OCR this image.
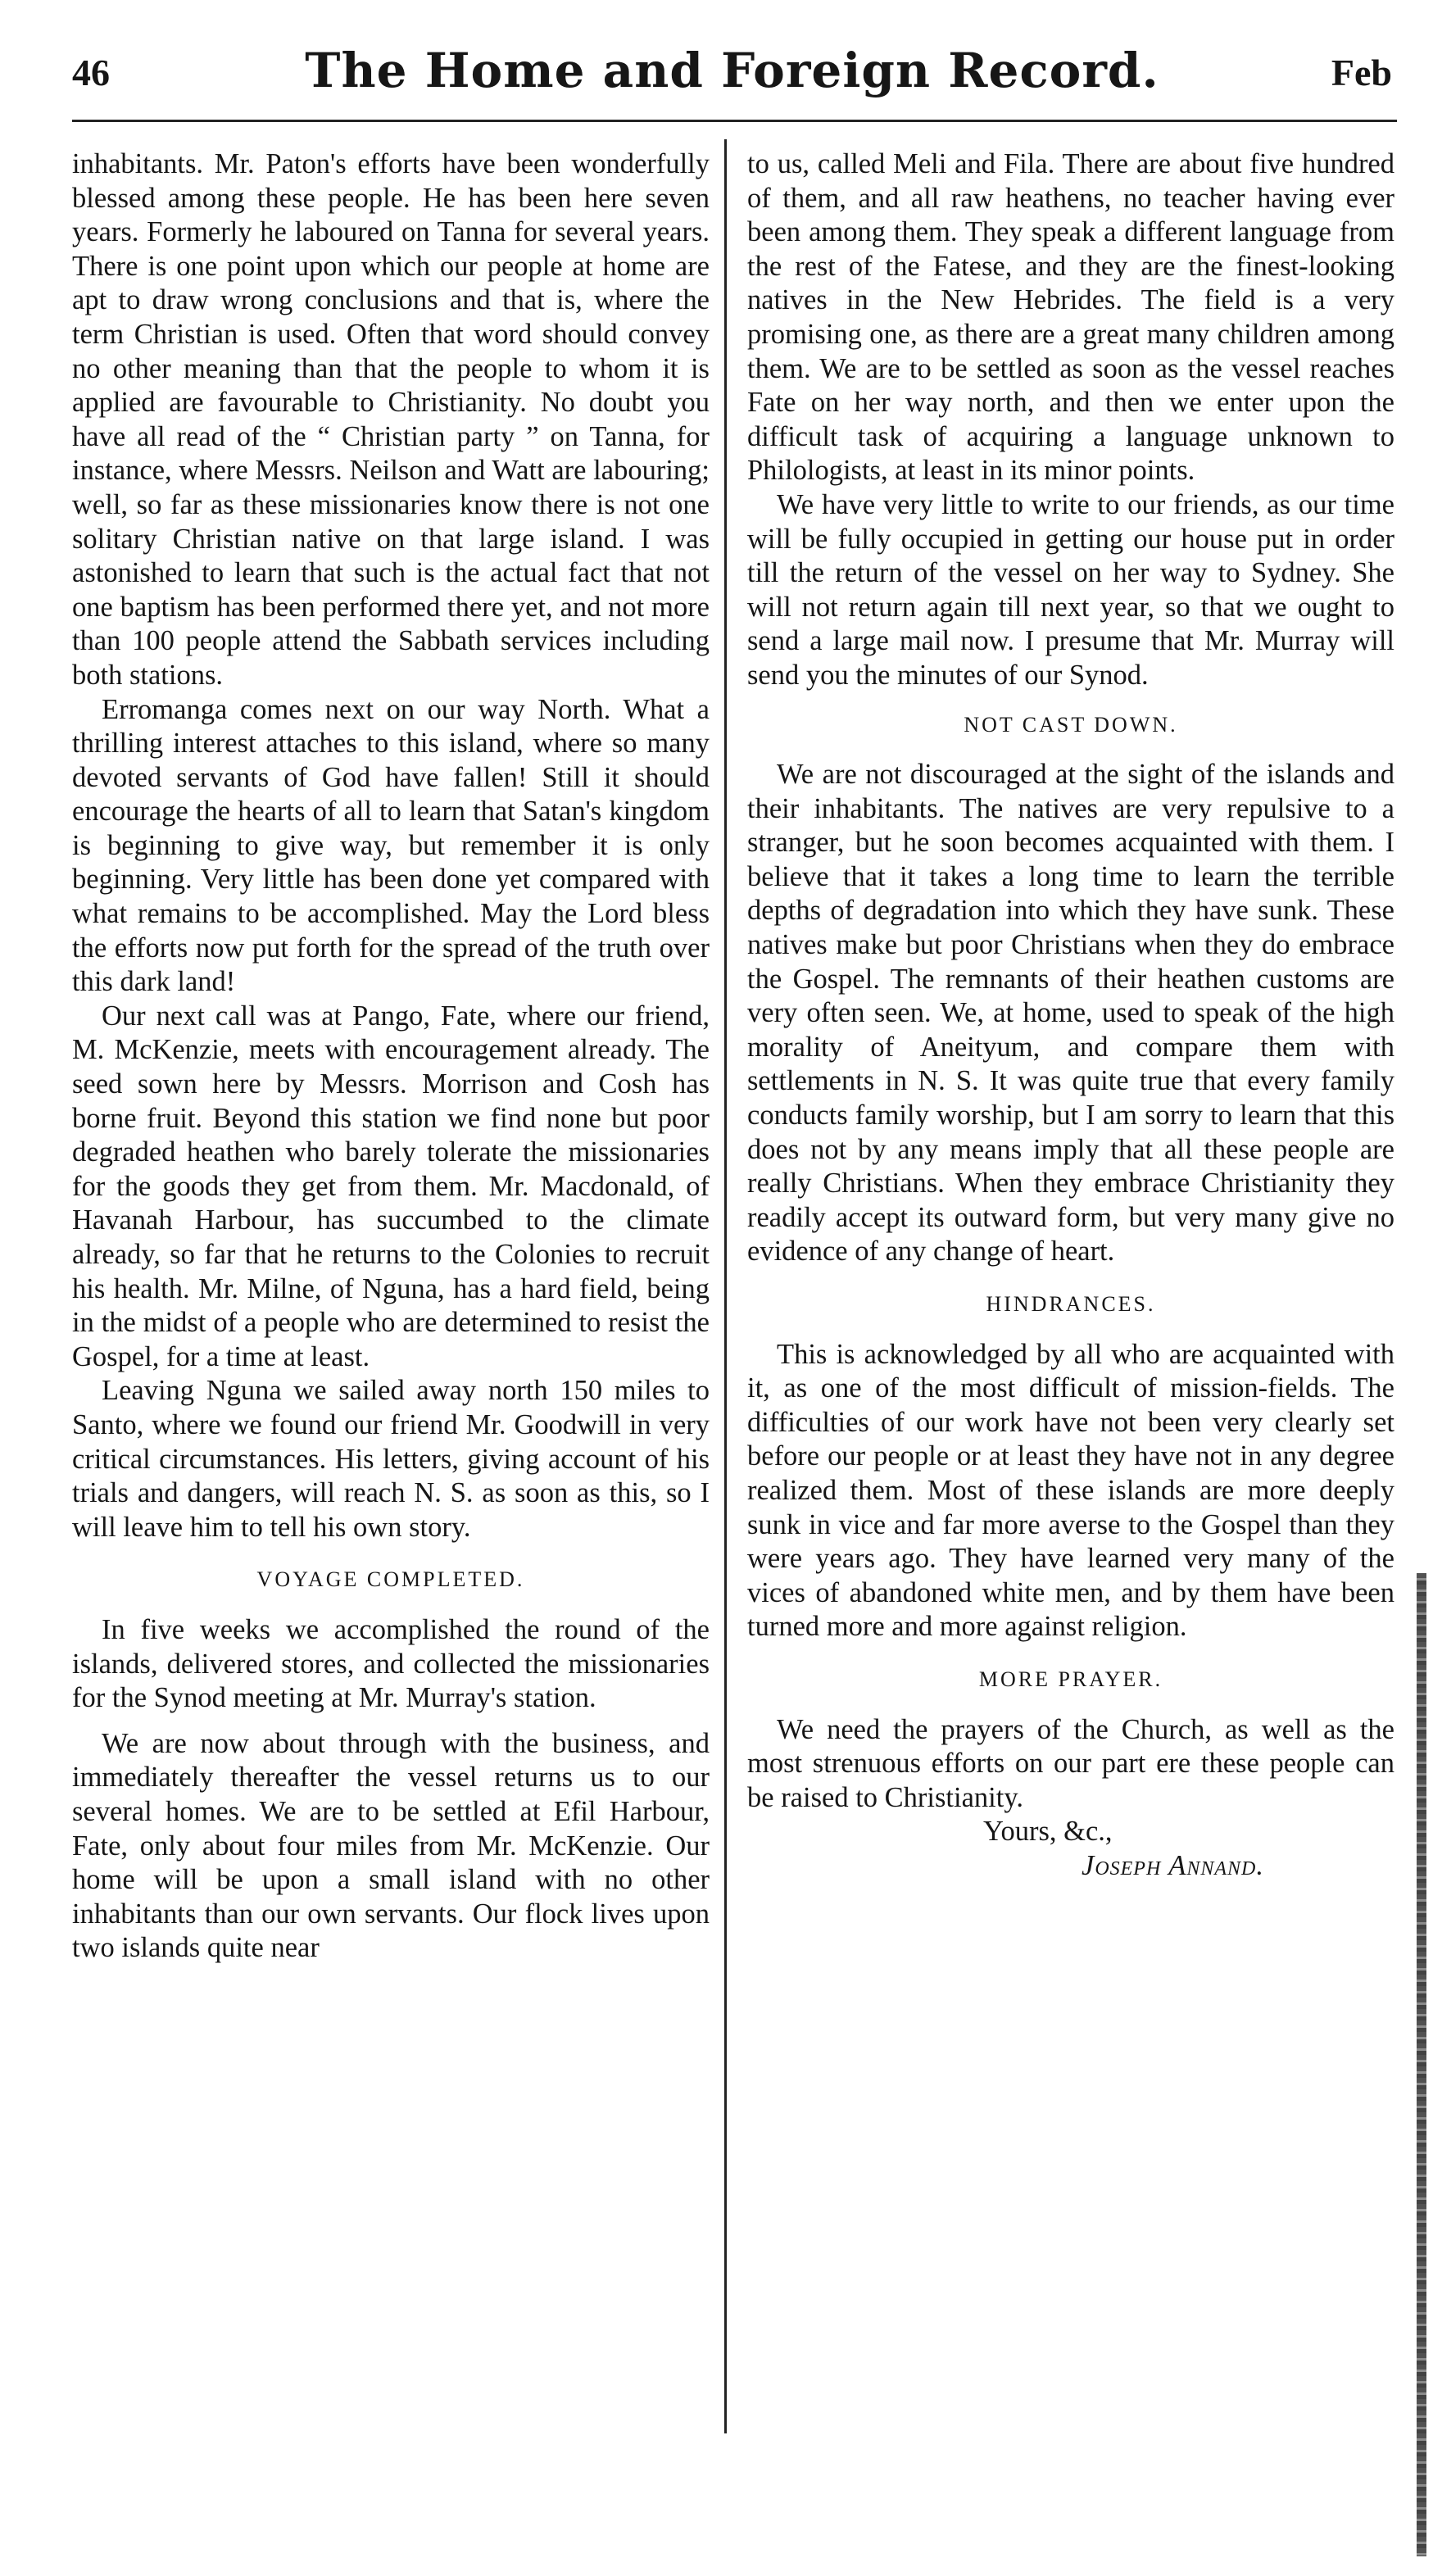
46	The Home and Foreign Record.	Feb

inhabitants. Mr. Paton's efforts have been wonderfully blessed among these people. He has been here seven years. Formerly he laboured on Tanna for several years. There is one point upon which our people at home are apt to draw wrong conclusions and that is, where the term Christian is used. Often that word should convey no other meaning than that the people to whom it is applied are favourable to Christianity. No doubt you have all read of the “ Christian party ” on Tanna, for instance, where Messrs. Neilson and Watt are labouring; well, so far as these missionaries know there is not one solitary Christian native on that large island. I was astonished to learn that such is the actual fact that not one baptism has been performed there yet, and not more than 100 people attend the Sabbath services including both stations.

Erromanga comes next on our way North. What a thrilling interest attaches to this island, where so many devoted servants of God have fallen! Still it should encourage the hearts of all to learn that Satan's kingdom is beginning to give way, but remember it is only beginning. Very little has been done yet compared with what remains to be accomplished. May the Lord bless the efforts now put forth for the spread of the truth over this dark land!

Our next call was at Pango, Fate, where our friend, M. McKenzie, meets with encouragement already. The seed sown here by Messrs. Morrison and Cosh has borne fruit. Beyond this station we find none but poor degraded heathen who barely tolerate the missionaries for the goods they get from them. Mr. Macdonald, of Havanah Harbour, has succumbed to the climate already, so far that he returns to the Colonies to recruit his health. Mr. Milne, of Nguna, has a hard field, being in the midst of a people who are determined to resist the Gospel, for a time at least.

Leaving Nguna we sailed away north 150 miles to Santo, where we found our friend Mr. Goodwill in very critical circumstances. His letters, giving account of his trials and dangers, will reach N. S. as soon as this, so I will leave him to tell his own story.

VOYAGE COMPLETED.

In five weeks we accomplished the round of the islands, delivered stores, and collected the missionaries for the Synod meeting at Mr. Murray's station.

We are now about through with the business, and immediately thereafter the vessel returns us to our several homes. We are to be settled at Efil Harbour, Fate, only about four miles from Mr. McKenzie. Our home will be upon a small island with no other inhabitants than our own servants. Our flock lives upon two islands quite near

to us, called Meli and Fila. There are about five hundred of them, and all raw heathens, no teacher having ever been among them. They speak a different language from the rest of the Fatese, and they are the finest-looking natives in the New Hebrides. The field is a very promising one, as there are a great many children among them. We are to be settled as soon as the vessel reaches Fate on her way north, and then we enter upon the difficult task of acquiring a language unknown to Philologists, at least in its minor points.

We have very little to write to our friends, as our time will be fully occupied in getting our house put in order till the return of the vessel on her way to Sydney. She will not return again till next year, so that we ought to send a large mail now. I presume that Mr. Murray will send you the minutes of our Synod.

NOT CAST DOWN.

We are not discouraged at the sight of the islands and their inhabitants. The natives are very repulsive to a stranger, but he soon becomes acquainted with them. I believe that it takes a long time to learn the terrible depths of degradation into which they have sunk. These natives make but poor Christians when they do embrace the Gospel. The remnants of their heathen customs are very often seen. We, at home, used to speak of the high morality of Aneityum, and compare them with settlements in N. S. It was quite true that every family conducts family worship, but I am sorry to learn that this does not by any means imply that all these people are really Christians. When they embrace Christianity they readily accept its outward form, but very many give no evidence of any change of heart.

HINDRANCES.

This is acknowledged by all who are acquainted with it, as one of the most difficult of mission-fields. The difficulties of our work have not been very clearly set before our people or at least they have not in any degree realized them. Most of these islands are more deeply sunk in vice and far more averse to the Gospel than they were years ago. They have learned very many of the vices of abandoned white men, and by them have been turned more and more against religion.

MORE PRAYER.

We need the prayers of the Church, as well as the most strenuous efforts on our part ere these people can be raised to Christianity.

Yours, &c.,
Joseph Annand.
